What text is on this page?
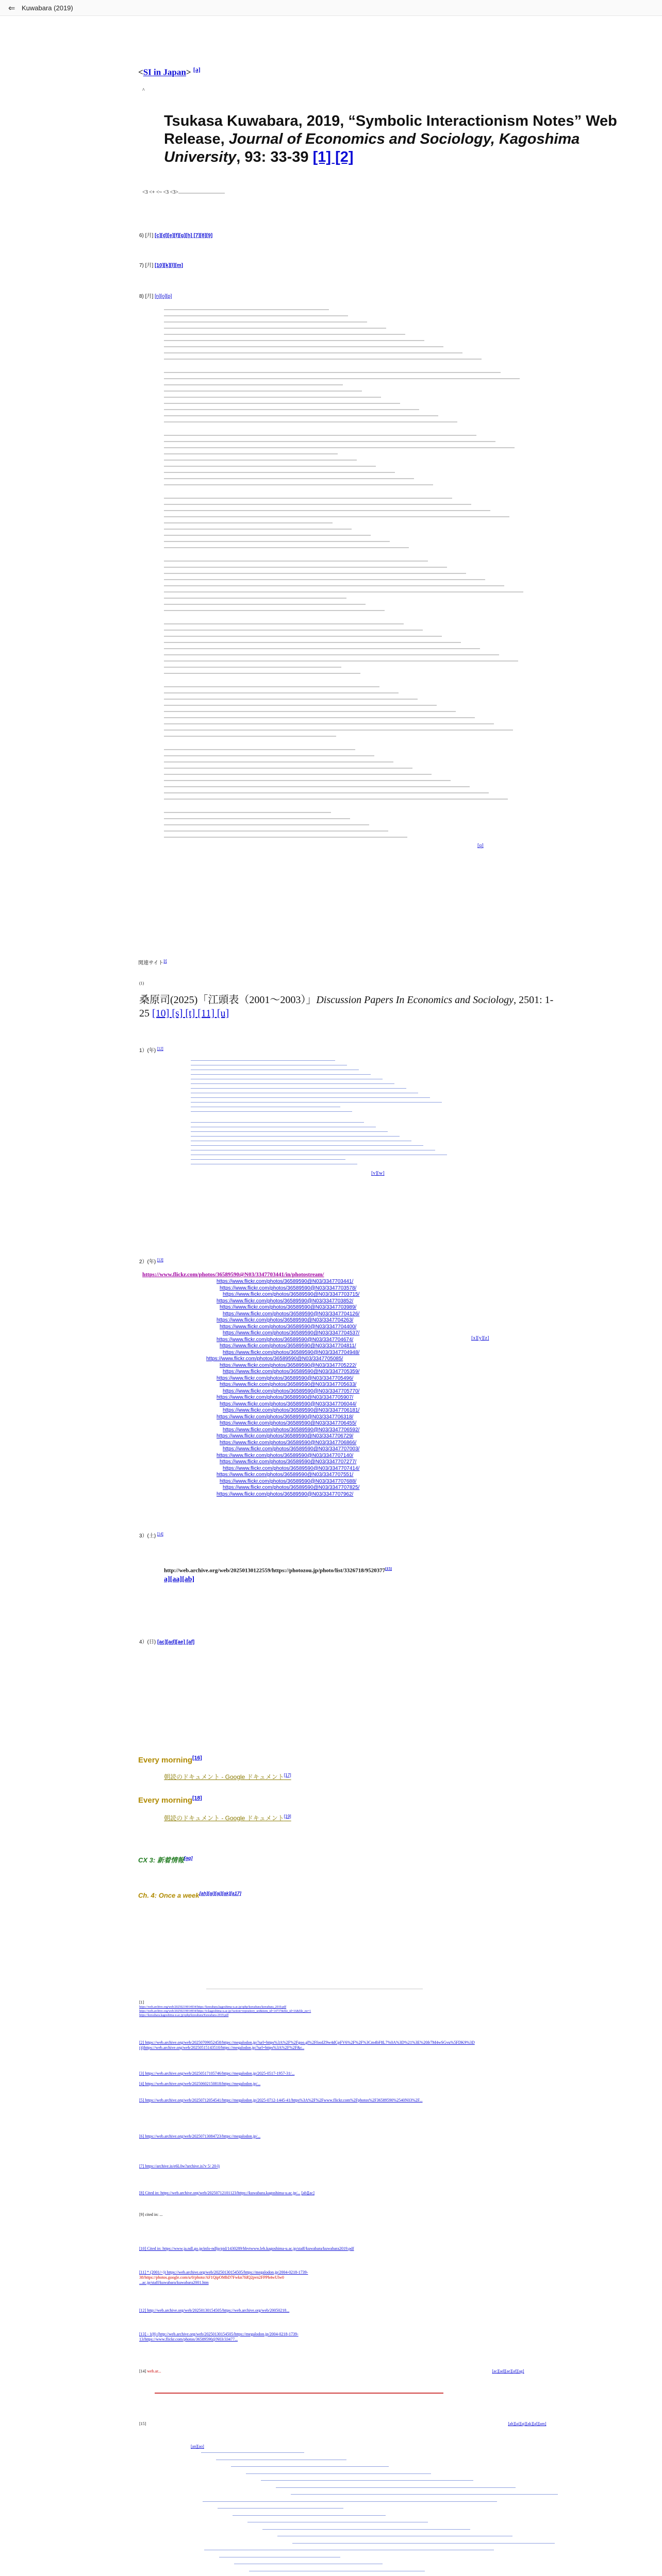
⇐ Kuwabara (2019)
<SI in Japan> [a]
^
Tsukasa Kuwabara, 2019, “Symbolic Interactionism Notes” Web Release, Journal of Economics and Sociology, Kagoshima University, 93: 33-39 [1] [2]
<3 <+ <~ <3 <3>
6) [月] [c][d][e][f][g][h] [7][8][9]
7) [月] [10][k][l][m]
8) [月] [n][o][p]
[q]
関連サイト[r]
(1)
桑原司(2025)「江頭表（2001〜2003）」Discussion Papers In Economics and Sociology, 2501: 1-25 [10] [s] [t] [11] [u]
1）(年) [12]
[v][w]
2）(年) [13]
https://www.flickr.com/photos/36589590@N03/3347703441/in/photostream/
https://www.flickr.com/photos/36589590@N03/3347703441/
https://www.flickr.com/photos/36589590@N03/3347703578/
https://www.flickr.com/photos/36589590@N03/3347703715/
https://www.flickr.com/photos/36589590@N03/3347703852/
https://www.flickr.com/photos/36589590@N03/3347703989/
https://www.flickr.com/photos/36589590@N03/3347704126/
https://www.flickr.com/photos/36589590@N03/3347704263/
https://www.flickr.com/photos/36589590@N03/3347704400/
https://www.flickr.com/photos/36589590@N03/3347704537/
https://www.flickr.com/photos/36589590@N03/3347704674/
https://www.flickr.com/photos/36589590@N03/3347704811/
https://www.flickr.com/photos/36589590@N03/3347704948/
https://www.flickr.com/photos/36589590@N03/3347705085/
https://www.flickr.com/photos/36589590@N03/3347705222/
https://www.flickr.com/photos/36589590@N03/3347705359/
https://www.flickr.com/photos/36589590@N03/3347705496/
https://www.flickr.com/photos/36589590@N03/3347705633/
https://www.flickr.com/photos/36589590@N03/3347705770/
https://www.flickr.com/photos/36589590@N03/3347705907/
https://www.flickr.com/photos/36589590@N03/3347706044/
https://www.flickr.com/photos/36589590@N03/3347706181/
https://www.flickr.com/photos/36589590@N03/3347706318/
https://www.flickr.com/photos/36589590@N03/3347706455/
https://www.flickr.com/photos/36589590@N03/3347706592/
https://www.flickr.com/photos/36589590@N03/3347706729/
https://www.flickr.com/photos/36589590@N03/3347706866/
https://www.flickr.com/photos/36589590@N03/3347707003/
https://www.flickr.com/photos/36589590@N03/3347707140/
https://www.flickr.com/photos/36589590@N03/3347707277/
https://www.flickr.com/photos/36589590@N03/3347707414/
https://www.flickr.com/photos/36589590@N03/3347707551/
https://www.flickr.com/photos/36589590@N03/3347707688/
https://www.flickr.com/photos/36589590@N03/3347707825/
https://www.flickr.com/photos/36589590@N03/3347707962/
[x][y][z]
3）(土) [14]
http://web.archive.org/web/20250130122559/https://photozou.jp/photo/list/3326718/9520377[15]
a][aa][ab]
4）(日) [ac][ad][ae] [af]
Every morning[16]
朝読のドキュメント - Google ドキュメント[17]
Every morning[18]
朝読のドキュメント - Google ドキュメント[19]
CX 3: 新着情報[ag]
Ch. 4: Once a week[ah][ai][aj][ak][a17]
[1]
https://web.archive.org/web/20250219014934/https://kuwabara.kagoshima-u.ac.jp/sphp/kuwabara/kuwabara_2019.pdf
https://web.archive.org/web/20250219014934/https://ir.kagoshima-u.ac.jp/?action=repository_uri&item_id=14737&file_id=16&file_no=1
https://kuwabara.kagoshima-u.ac.jp/sphp/kuwabara/Kuwabara-2019.pdf
[2] https://web.archive.org/web/20250709052458/https://megalodon.jp/?url=https%3A%2F%2Fgoo.gl%2FfooIZ9w4dGpFV6%2F%2F%3Cm4bF8L7%0A%3D%21%3E%20fr7M4wSGvu%5FDK9%3D
(4)https://web.archive.org/web/20250515143510/https://megalodon.jp/?url=https%3A%2F%2F&c..
[3] https://web.archive.org/web/20250517105746/https://megalodon.jp/2025-0517-1957-31/...
[4] https://web.archive.org/web/20250602150818/https://megalodon.jp/...
[5] https://web.archive.org/web/20250712054541/https://megalodon.jp/2025-0712-1445-41/https%3A%2F%2Fwww.flickr.com%2Fphotos%2F36589590%2540N03%2F...
[6] https://web.archive.org/web/20250713084723/https://megalodon.jp/...
[7] https://archive.is/e6L0w?archive.is?v 5/ 20-lj
[8] Cited in: https://web.archive.org/web/20250712101123/https://kuwabara.kagoshima-u.ac.jp/... [ab][ac]
[9] cited in: ...
[10] Cited in: https://www.ja.ndl.go.jp/info-ndljp/pid/1430289/hbvtwww.leh.kagoshima-u.ac.jp/staff/kuwabara/kuwabara2019.pdf
[11] * (2001/~)) https://web.archive.org/web/20250130154505/https://megalodon.jp/2004-0218-1739-
38/https://photos.google.com/u/0/photo/AF1QipOMbD7Fwkn7fdQ2pvn2FPPh4wUlw0
...ac.jp/staff/kuwabara/kuwabara2001.htm
[12] http://web.archive.org/web/20250130154505/https://web.archive.org/web/20050218...
[13] - 1(8) (http://web.archive.org/web/20250130154505/https://megalodon.jp/2004-0218-1739-
13/https://www.flickr.com/photos/36589590@N03/33477...
[14] web.ar...	[ac][ad][ae][af][ag]
[15]	[ah][ai][aj][ak][al][am]
[an][ao]
